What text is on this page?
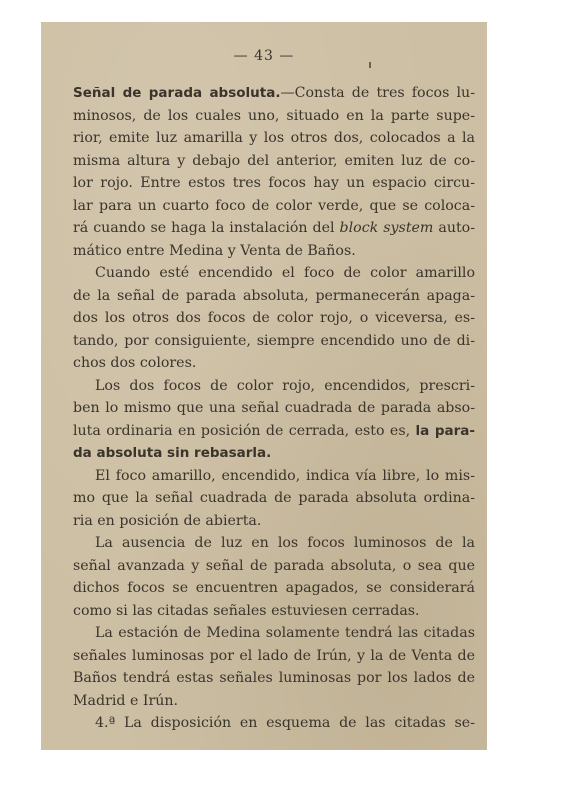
— 43 —

Señal de parada absoluta.—Consta de tres focos lu-
minosos, de los cuales uno, situado en la parte supe-
rior, emite luz amarilla y los otros dos, colocados a la
misma altura y debajo del anterior, emiten luz de co-
lor rojo. Entre estos tres focos hay un espacio circu-
lar para un cuarto foco de color verde, que se coloca-
rá cuando se haga la instalación del block system auto-
mático entre Medina y Venta de Baños.

Cuando esté encendido el foco de color amarillo
de la señal de parada absoluta, permanecerán apaga-
dos los otros dos focos de color rojo, o viceversa, es-
tando, por consiguiente, siempre encendido uno de di-
chos dos colores.

Los dos focos de color rojo, encendidos, prescri-
ben lo mismo que una señal cuadrada de parada abso-
luta ordinaria en posición de cerrada, esto es, la para-
da absoluta sin rebasarla.

El foco amarillo, encendido, indica vía libre, lo mis-
mo que la señal cuadrada de parada absoluta ordina-
ria en posición de abierta.

La ausencia de luz en los focos luminosos de la
señal avanzada y señal de parada absoluta, o sea que
dichos focos se encuentren apagados, se considerará
como si las citadas señales estuviesen cerradas.

La estación de Medina solamente tendrá las citadas
señales luminosas por el lado de Irún, y la de Venta de
Baños tendrá estas señales luminosas por los lados de
Madrid e Irún.

4.ª La disposición en esquema de las citadas se-
